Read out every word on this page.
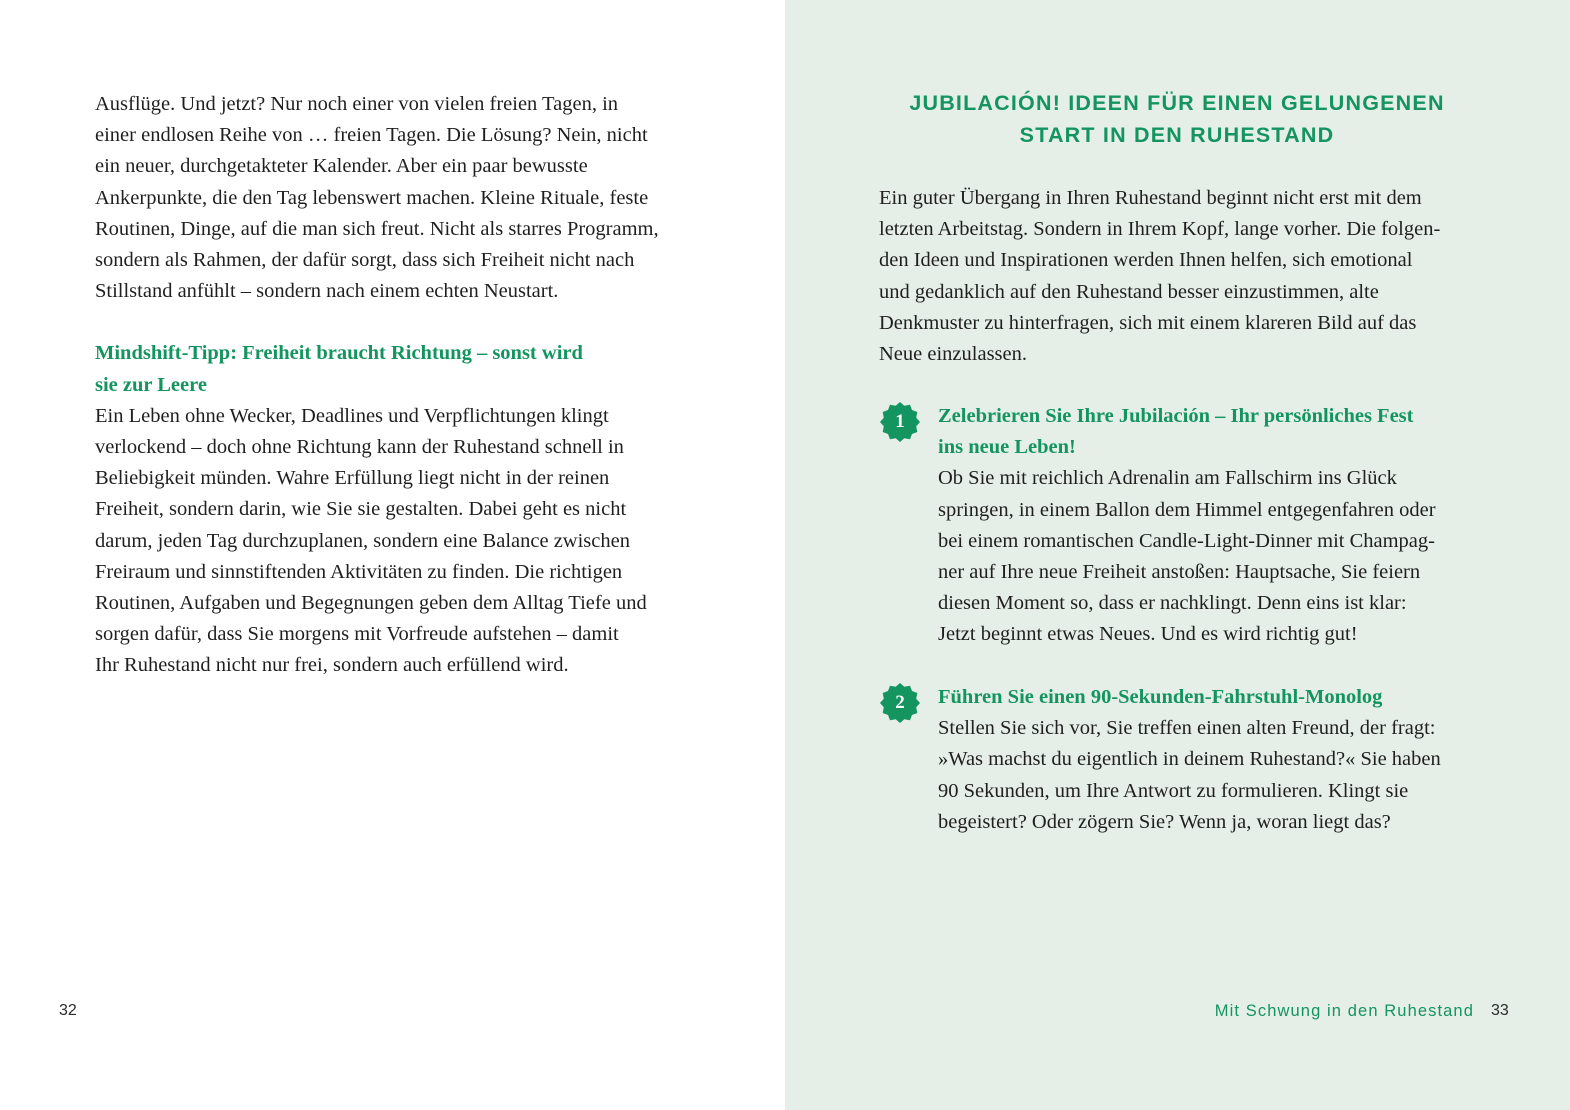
Ausflüge. Und jetzt? Nur noch einer von vielen freien Tagen, in
einer endlosen Reihe von … freien Tagen. Die Lösung? Nein, nicht
ein neuer, durchgetakteter Kalender. Aber ein paar bewusste
Ankerpunkte, die den Tag lebenswert machen. Kleine Rituale, feste
Routinen, Dinge, auf die man sich freut. Nicht als starres Programm,
sondern als Rahmen, der dafür sorgt, dass sich Freiheit nicht nach
Stillstand anfühlt – sondern nach einem echten Neustart.

Mindshift-Tipp: Freiheit braucht Richtung – sonst wird
sie zur Leere

Ein Leben ohne Wecker, Deadlines und Verpflichtungen klingt
verlockend – doch ohne Richtung kann der Ruhestand schnell in
Beliebigkeit münden. Wahre Erfüllung liegt nicht in der reinen
Freiheit, sondern darin, wie Sie sie gestalten. Dabei geht es nicht
darum, jeden Tag durchzuplanen, sondern eine Balance zwischen
Freiraum und sinnstiftenden Aktivitäten zu finden. Die richtigen
Routinen, Aufgaben und Begegnungen geben dem Alltag Tiefe und
sorgen dafür, dass Sie morgens mit Vorfreude aufstehen – damit
Ihr Ruhestand nicht nur frei, sondern auch erfüllend wird.

32
JUBILACIÓN! IDEEN FÜR EINEN GELUNGENEN
START IN DEN RUHESTAND

Ein guter Übergang in Ihren Ruhestand beginnt nicht erst mit dem
letzten Arbeitstag. Sondern in Ihrem Kopf, lange vorher. Die folgen-
den Ideen und Inspirationen werden Ihnen helfen, sich emotional
und gedanklich auf den Ruhestand besser einzustimmen, alte
Denkmuster zu hinterfragen, sich mit einem klareren Bild auf das
Neue einzulassen.

1	Zelebrieren Sie Ihre Jubilación – Ihr persönliches Fest
ins neue Leben!

Ob Sie mit reichlich Adrenalin am Fallschirm ins Glück
springen, in einem Ballon dem Himmel entgegenfahren oder
bei einem romantischen Candle-Light-Dinner mit Champag-
ner auf Ihre neue Freiheit anstoßen: Hauptsache, Sie feiern
diesen Moment so, dass er nachklingt. Denn eins ist klar:
Jetzt beginnt etwas Neues. Und es wird richtig gut!

2	Führen Sie einen 90-Sekunden-Fahrstuhl-Monolog

Stellen Sie sich vor, Sie treffen einen alten Freund, der fragt:
»Was machst du eigentlich in deinem Ruhestand?« Sie haben
90 Sekunden, um Ihre Antwort zu formulieren. Klingt sie
begeistert? Oder zögern Sie? Wenn ja, woran liegt das?

Mit Schwung in den Ruhestand 33
